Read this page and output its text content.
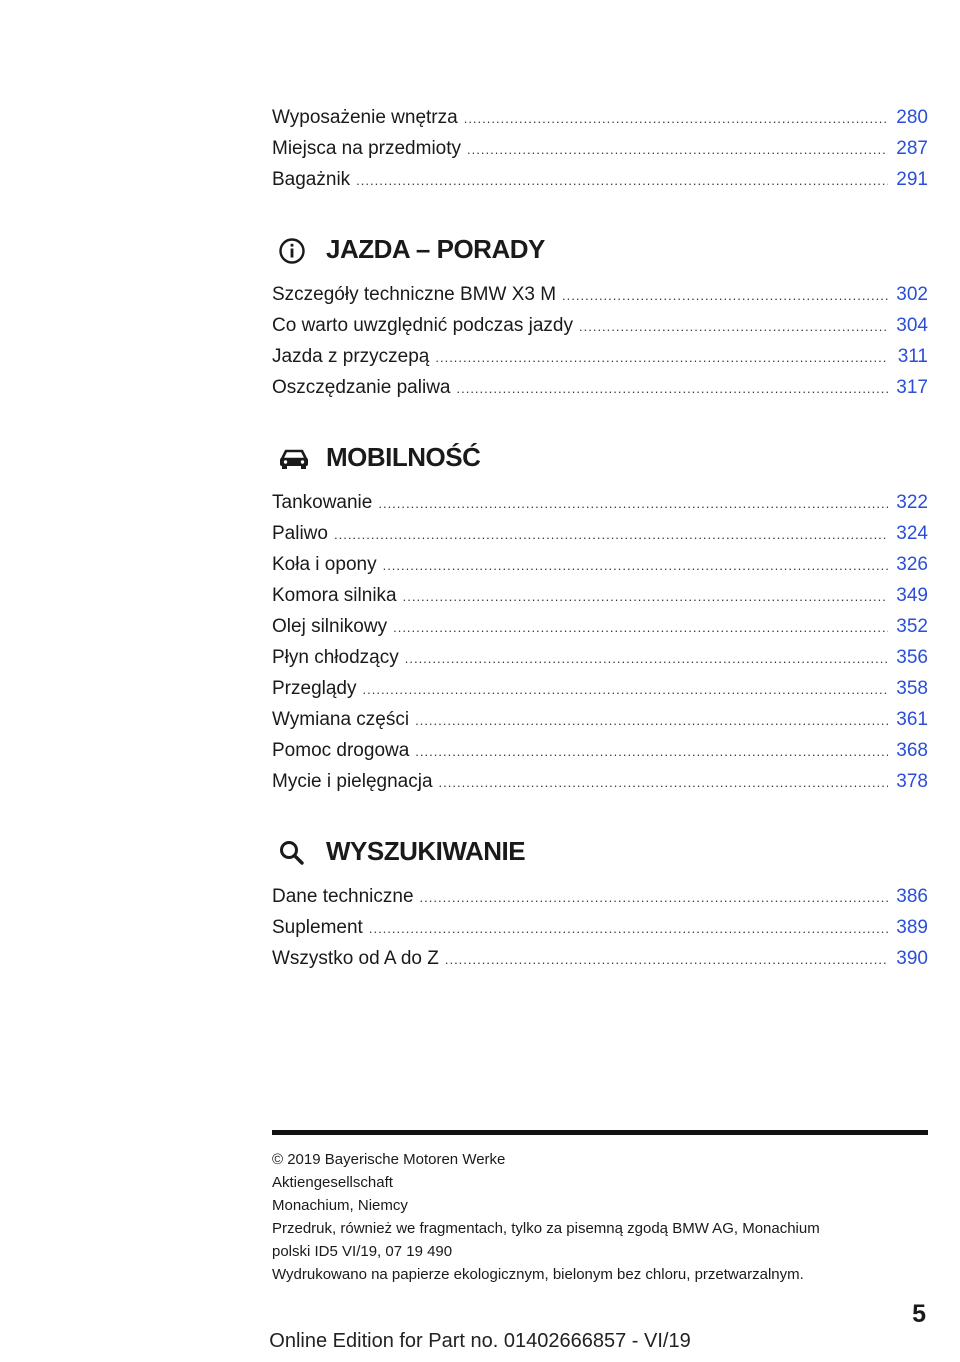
Wyposażenie wnętrza .....	280
Miejsca na przedmioty .....	287
Bagażnik .....	291
JAZDA – PORADY
Szczegóły techniczne BMW X3 M .....	302
Co warto uwzględnić podczas jazdy .....	304
Jazda z przyczepą .....	311
Oszczędzanie paliwa .....	317
MOBILNOŚĆ
Tankowanie .....	322
Paliwo .....	324
Koła i opony .....	326
Komora silnika .....	349
Olej silnikowy .....	352
Płyn chłodzący .....	356
Przeglądy .....	358
Wymiana części .....	361
Pomoc drogowa .....	368
Mycie i pielęgnacja .....	378
WYSZUKIWANIE
Dane techniczne .....	386
Suplement .....	389
Wszystko od A do Z .....	390
© 2019 Bayerische Motoren Werke
Aktiengesellschaft
Monachium, Niemcy
Przedruk, również we fragmentach, tylko za pisemną zgodą BMW AG, Monachium
polski ID5 VI/19, 07 19 490
Wydrukowano na papierze ekologicznym, bielonym bez chloru, przetwarzalnym.
5
Online Edition for Part no. 01402666857 - VI/19
